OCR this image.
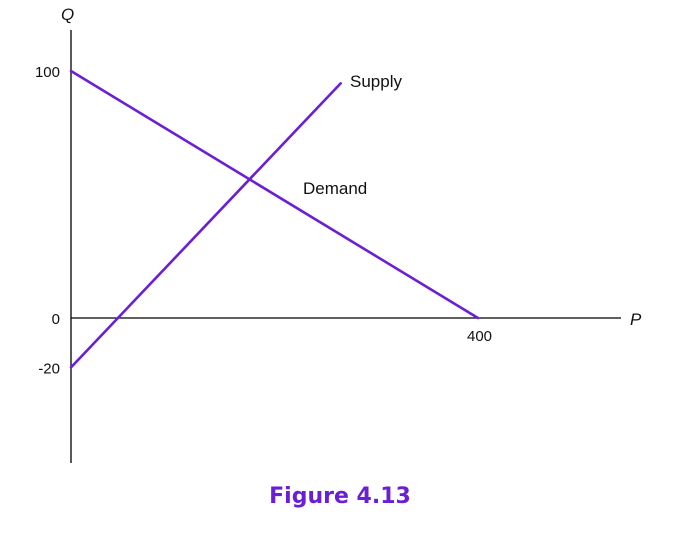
Q
P
100
0
-20
400
Demand
Supply
Figure 4.13
